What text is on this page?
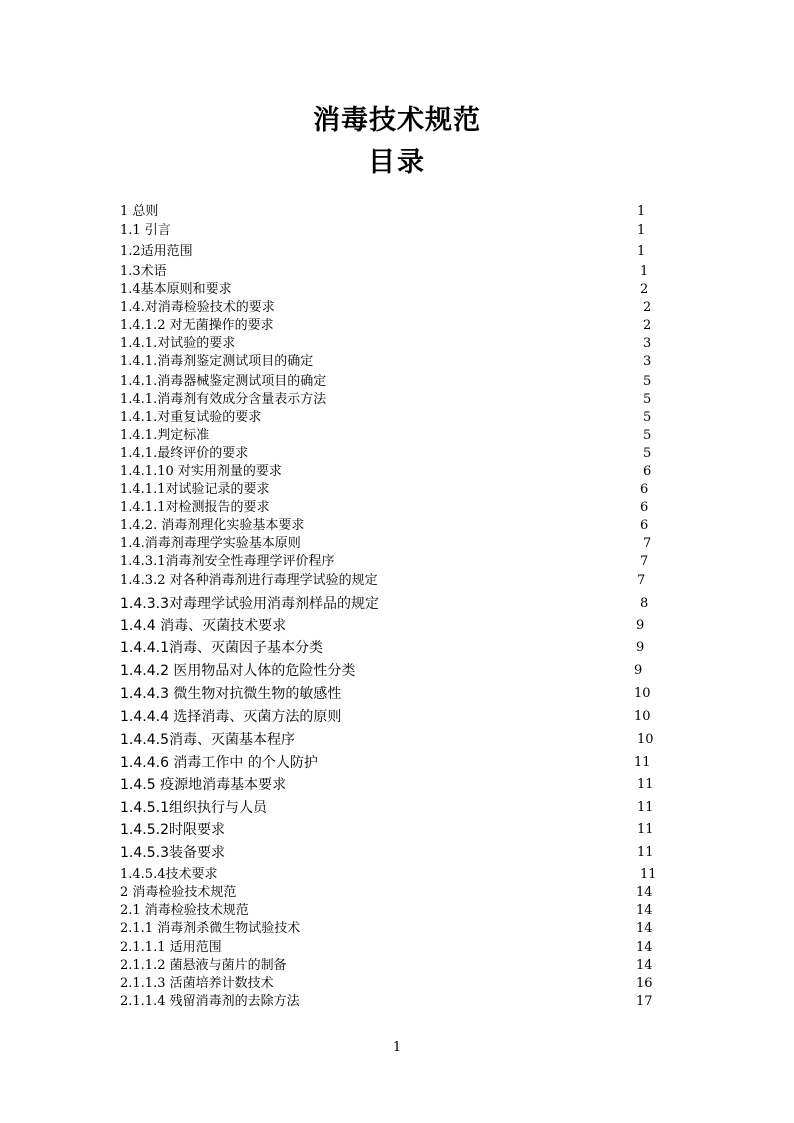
消毒技术规范
目录
1 总则	1
1.1 引言	1
1.2适用范围	1
1.3术语	1
1.4基本原则和要求	2
1.4.对消毒检验技术的要求	2
1.4.1.2 对无菌操作的要求	2
1.4.1.对试验的要求	3
1.4.1.消毒剂鉴定测试项目的确定	3
1.4.1.消毒器械鉴定测试项目的确定	5
1.4.1.消毒剂有效成分含量表示方法	5
1.4.1.对重复试验的要求	5
1.4.1.判定标准	5
1.4.1.最终评价的要求	5
1.4.1.10 对实用剂量的要求	6
1.4.1.1对试验记录的要求	6
1.4.1.1对检测报告的要求	6
1.4.2. 消毒剂理化实验基本要求	6
1.4.消毒剂毒理学实验基本原则	7
1.4.3.1消毒剂安全性毒理学评价程序	7
1.4.3.2 对各种消毒剂进行毒理学试验的规定	7
1.4.3.3对毒理学试验用消毒剂样品的规定	8
1.4.4 消毒、灭菌技术要求	9
1.4.4.1消毒、灭菌因子基本分类	9
1.4.4.2 医用物品对人体的危险性分类	9
1.4.4.3 微生物对抗微生物的敏感性	10
1.4.4.4 选择消毒、灭菌方法的原则	10
1.4.4.5消毒、灭菌基本程序	10
1.4.4.6 消毒工作中 的个人防护	11
1.4.5 疫源地消毒基本要求	11
1.4.5.1组织执行与人员	11
1.4.5.2时限要求	11
1.4.5.3装备要求	11
1.4.5.4技术要求	11
2 消毒检验技术规范	14
2.1 消毒检验技术规范	14
2.1.1 消毒剂杀微生物试验技术	14
2.1.1.1 适用范围	14
2.1.1.2 菌悬液与菌片的制备	14
2.1.1.3 活菌培养计数技术	16
2.1.1.4 残留消毒剂的去除方法	17
1
